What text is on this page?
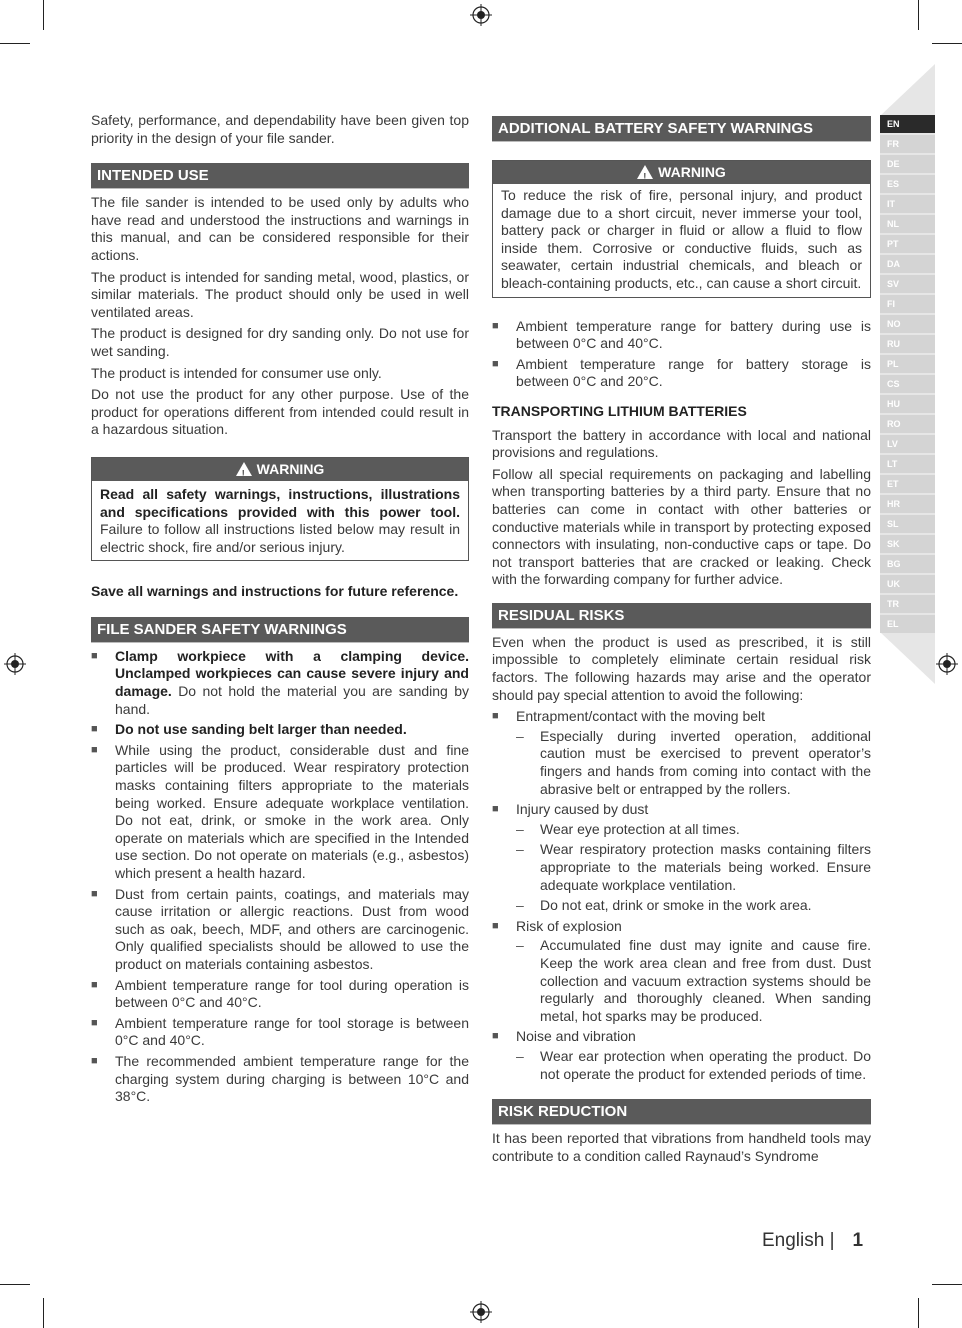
Safety, performance, and dependability have been given top priority in the design of your file sander.

INTENDED USE

The file sander is intended to be used only by adults who have read and understood the instructions and warnings in this manual, and can be considered responsible for their actions.

The product is intended for sanding metal, wood, plastics, or similar materials. The product should only be used in well ventilated areas.

The product is designed for dry sanding only. Do not use for wet sanding.

The product is intended for consumer use only.

Do not use the product for any other purpose. Use of the product for operations different from intended could result in a hazardous situation.

!WARNING

Read all safety warnings, instructions, illustrations and specifications provided with this power tool. Failure to follow all instructions listed below may result in electric shock, fire and/or serious injury.

Save all warnings and instructions for future reference.

FILE SANDER SAFETY WARNINGS
■ Clamp workpiece with a clamping device. Unclamped workpieces can cause severe injury and damage. Do not hold the material you are sanding by hand.
■ Do not use sanding belt larger than needed.
■ While using the product, considerable dust and fine particles will be produced. Wear respiratory protection masks containing filters appropriate to the materials being worked. Ensure adequate workplace ventilation. Do not eat, drink, or smoke in the work area. Only operate on materials which are specified in the Intended use section. Do not operate on materials (e.g., asbestos) which present a health hazard.
■ Dust from certain paints, coatings, and materials may cause irritation or allergic reactions. Dust from wood such as oak, beech, MDF, and others are carcinogenic. Only qualified specialists should be allowed to use the product on materials containing asbestos.
■ Ambient temperature range for tool during operation is between 0°C and 40°C.
■ Ambient temperature range for tool storage is between 0°C and 40°C.
■ The recommended ambient temperature range for the charging system during charging is between 10°C and 38°C.
ADDITIONAL BATTERY SAFETY WARNINGS
!WARNING

To reduce the risk of fire, personal injury, and product damage due to a short circuit, never immerse your tool, battery pack or charger in fluid or allow a fluid to flow inside them. Corrosive or conductive fluids, such as seawater, certain industrial chemicals, and bleach or bleach-containing products, etc., can cause a short circuit.

■ Ambient temperature range for battery during use is between 0°C and 40°C.
■ Ambient temperature range for battery storage is between 0°C and 20°C.
TRANSPORTING LITHIUM BATTERIES

Transport the battery in accordance with local and national provisions and regulations.

Follow all special requirements on packaging and labelling when transporting batteries by a third party. Ensure that no batteries can come in contact with other batteries or conductive materials while in transport by protecting exposed connectors with insulating, non-conductive caps or tape. Do not transport batteries that are cracked or leaking. Check with the forwarding company for further advice.

RESIDUAL RISKS

Even when the product is used as prescribed, it is still impossible to completely eliminate certain residual risk factors. The following hazards may arise and the operator should pay special attention to avoid the following:

■ Entrapment/contact with the moving belt
– Especially during inverted operation, additional caution must be exercised to prevent operator’s fingers and hands from coming into contact with the abrasive belt or entrapped by the rollers.
■ Injury caused by dust
– Wear eye protection at all times.
– Wear respiratory protection masks containing filters appropriate to the materials being worked. Ensure adequate workplace ventilation.
– Do not eat, drink or smoke in the work area.
■ Risk of explosion
– Accumulated fine dust may ignite and cause fire. Keep the work area clean and free from dust. Dust collection and vacuum extraction systems should be regularly and thoroughly cleaned. When sanding metal, hot sparks may be produced.
■ Noise and vibration
– Wear ear protection when operating the product. Do not operate the product for extended periods of time.
RISK REDUCTION

It has been reported that vibrations from handheld tools may contribute to a condition called Raynaud’s Syndrome

EN
FR
DE
ES
IT
NL
PT
DA
SV
FI
NO
RU
PL
CS
HU
RO
LV
LT
ET
HR
SL
SK
BG
UK
TR
EL
English | 1
